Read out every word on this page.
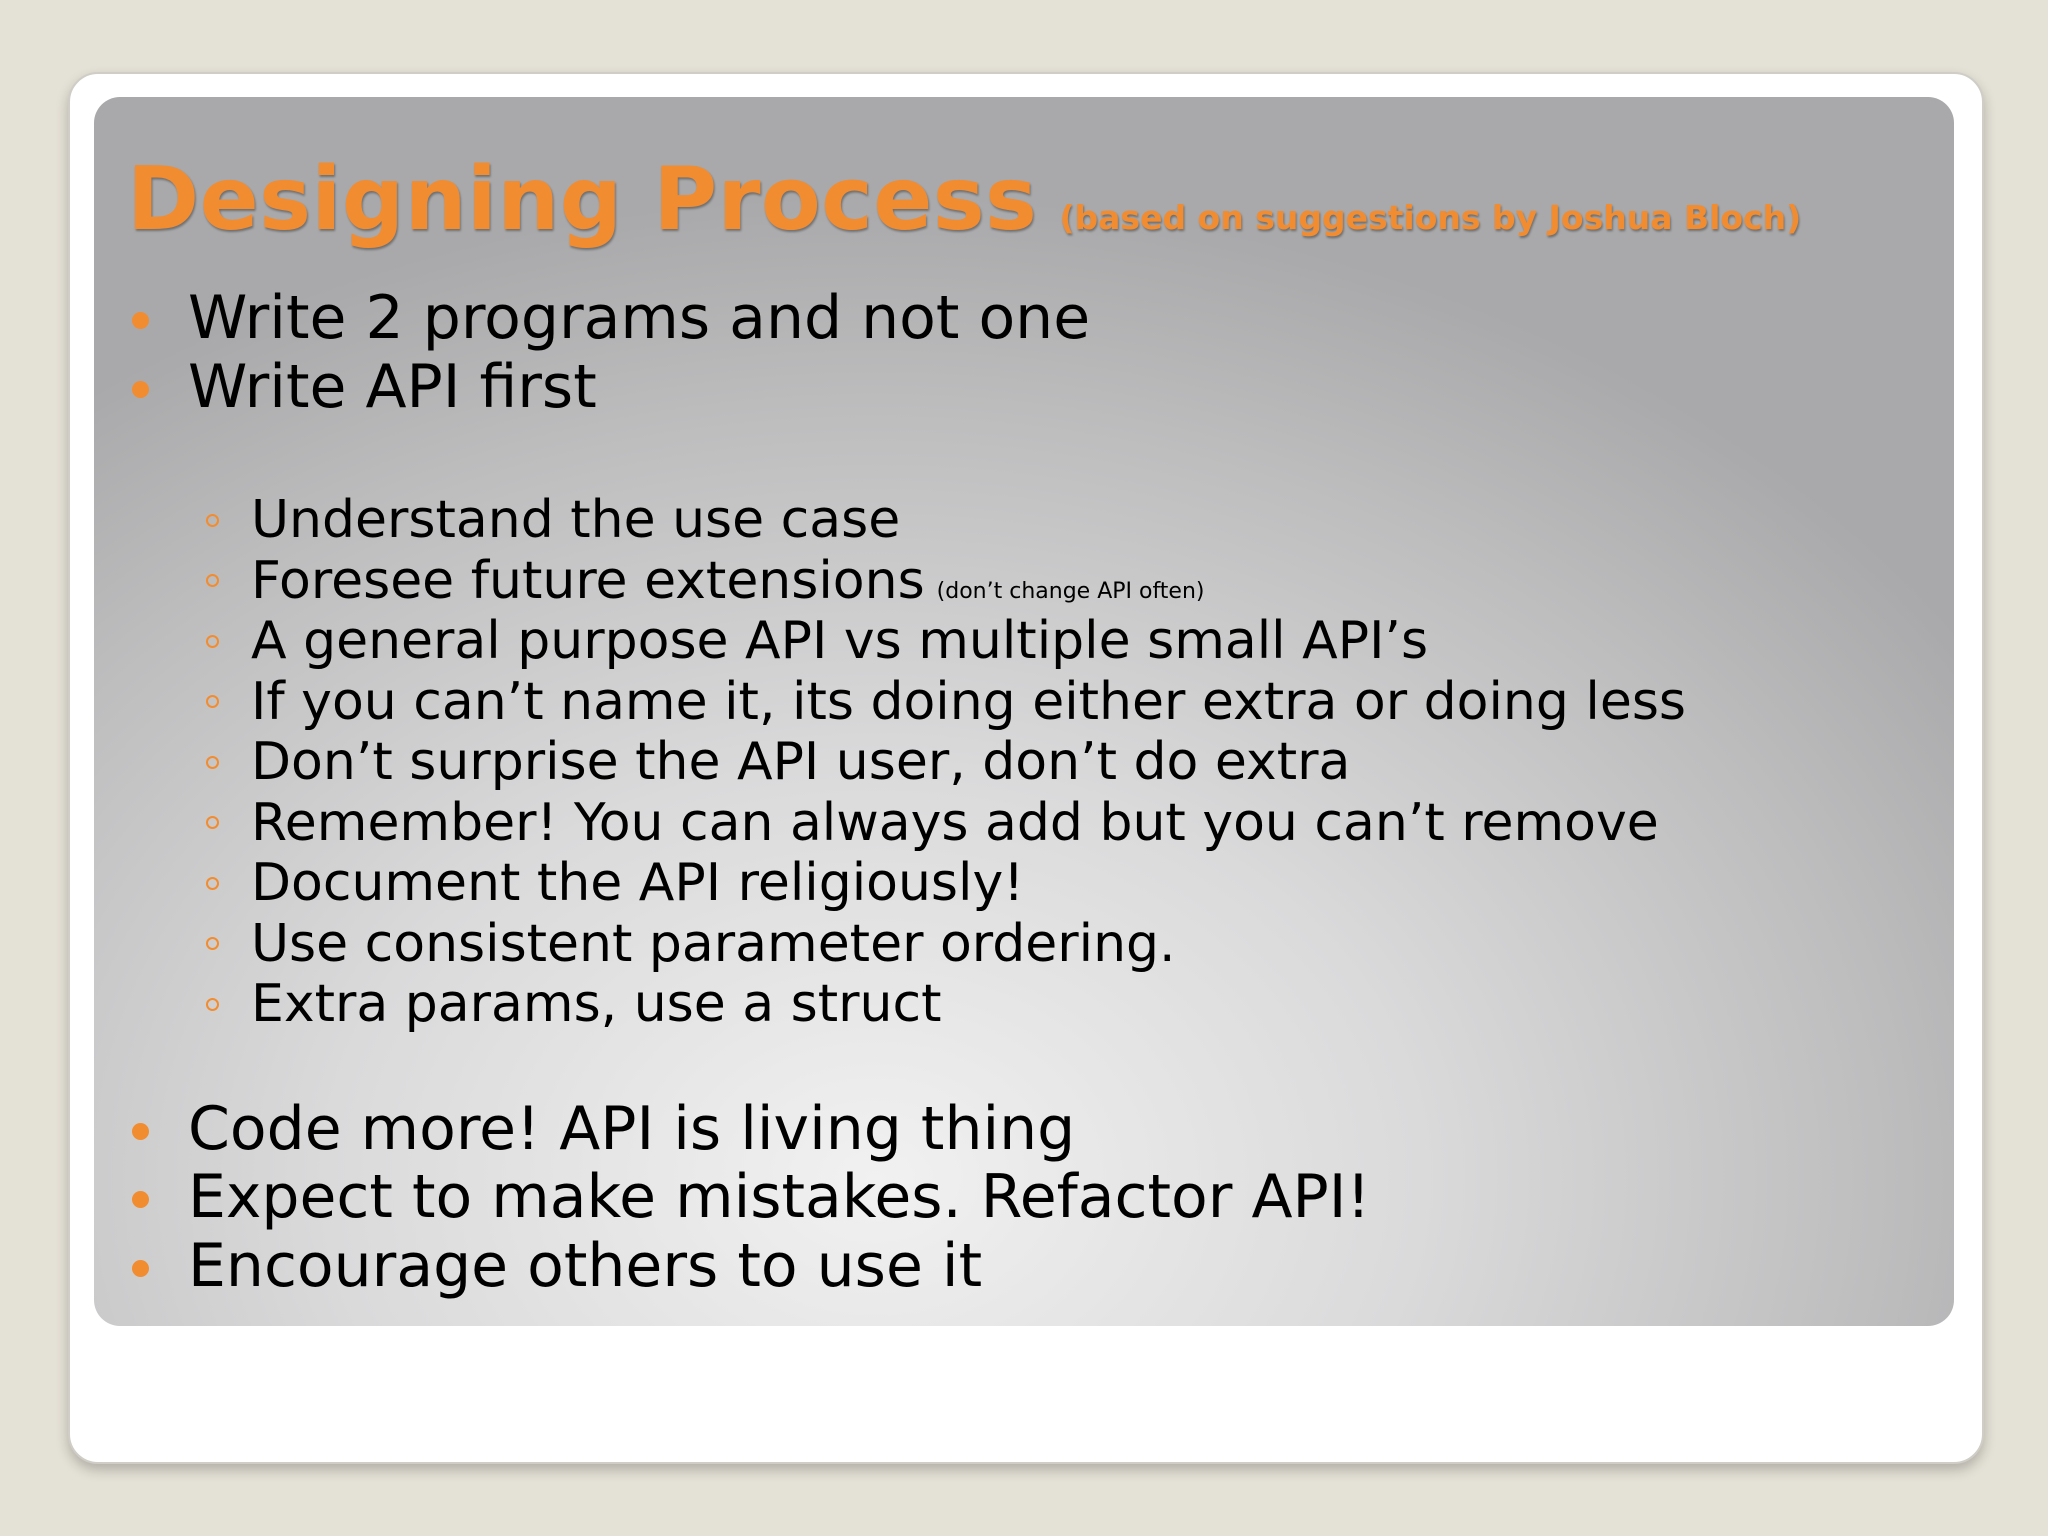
Designing Process (based on suggestions by Joshua Bloch)
Write 2 programs and not one
Write API first
Understand the use case
Foresee future extensions (don’t change API often)
A general purpose API vs multiple small API’s
If you can’t name it, its doing either extra or doing less
Don’t surprise the API user, don’t do extra
Remember! You can always add but you can’t remove
Document the API religiously!
Use consistent parameter ordering.
Extra params, use a struct
Code more! API is living thing
Expect to make mistakes. Refactor API!
Encourage others to use it
